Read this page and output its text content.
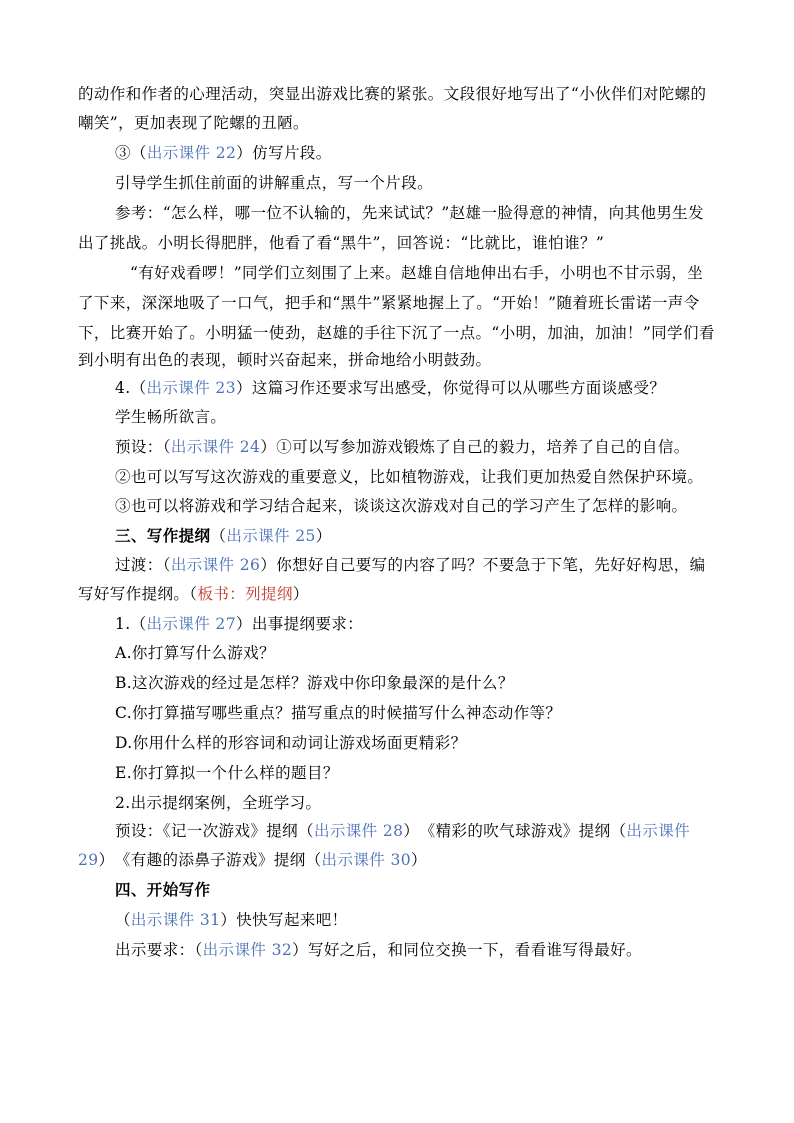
的动作和作者的心理活动，突显出游戏比赛的紧张。文段很好地写出了“小伙伴们对陀螺的
嘲笑”，更加表现了陀螺的丑陋。
③（出示课件 22）仿写片段。
引导学生抓住前面的讲解重点，写一个片段。
参考：“怎么样，哪一位不认输的，先来试试？”赵雄一脸得意的神情，向其他男生发
出了挑战。小明长得肥胖，他看了看“黑牛”，回答说：“比就比，谁怕谁？”
“有好戏看啰！”同学们立刻围了上来。赵雄自信地伸出右手，小明也不甘示弱，坐
了下来，深深地吸了一口气，把手和“黑牛”紧紧地握上了。“开始！”随着班长雷诺一声令
下，比赛开始了。小明猛一使劲，赵雄的手往下沉了一点。“小明，加油，加油！”同学们看
到小明有出色的表现，顿时兴奋起来，拼命地给小明鼓劲。
4.（出示课件 23）这篇习作还要求写出感受，你觉得可以从哪些方面谈感受？
学生畅所欲言。
预设：（出示课件 24）①可以写参加游戏锻炼了自己的毅力，培养了自己的自信。
②也可以写写这次游戏的重要意义，比如植物游戏，让我们更加热爱自然保护环境。
③也可以将游戏和学习结合起来，谈谈这次游戏对自己的学习产生了怎样的影响。
三、写作提纲（出示课件 25）
过渡：（出示课件 26）你想好自己要写的内容了吗？不要急于下笔，先好好构思，编
写好写作提纲。（板书：列提纲）
1.（出示课件 27）出事提纲要求：
A.你打算写什么游戏？
B.这次游戏的经过是怎样？游戏中你印象最深的是什么？
C.你打算描写哪些重点？描写重点的时候描写什么神态动作等？
D.你用什么样的形容词和动词让游戏场面更精彩？
E.你打算拟一个什么样的题目？
2.出示提纲案例，全班学习。
预设：《记一次游戏》提纲（出示课件 28）　《精彩的吹气球游戏》提纲（出示课件
29）　《有趣的添鼻子游戏》提纲（出示课件 30）
四、开始写作
（出示课件 31）快快写起来吧！
出示要求：（出示课件 32）写好之后，和同位交换一下，看看谁写得最好。
